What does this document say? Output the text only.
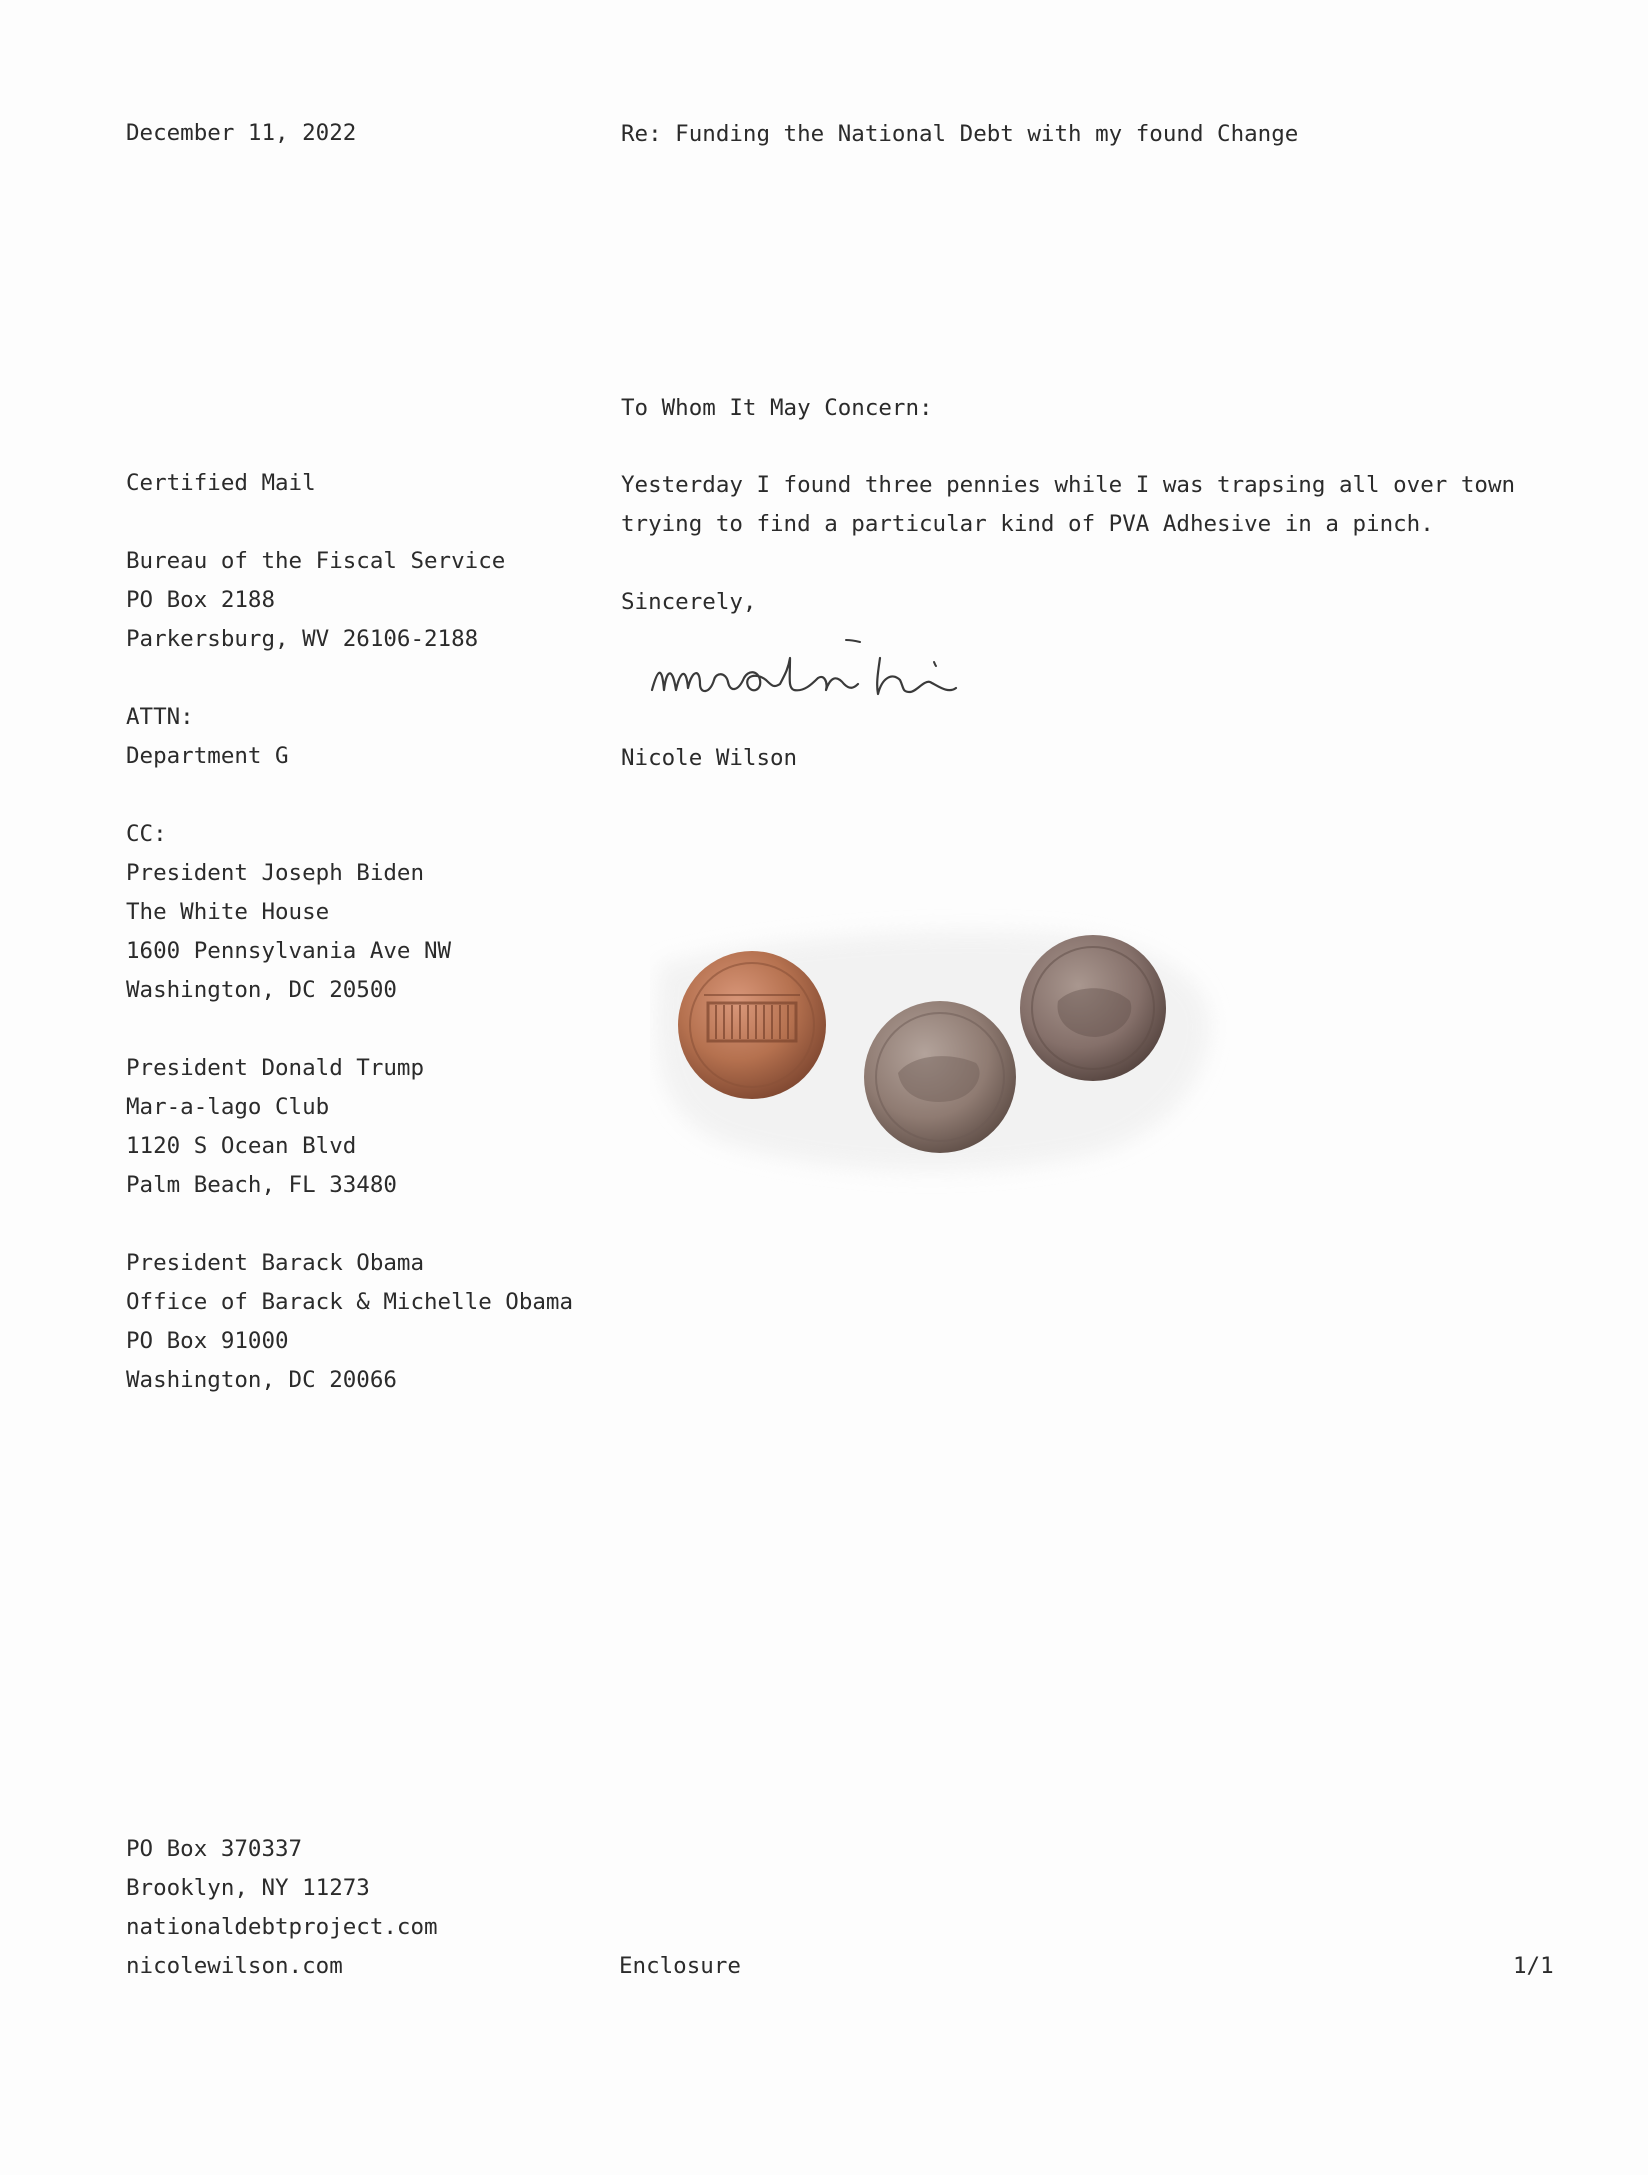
December 11, 2022	Re: Funding the National Debt with my found Change
To Whom It May Concern:
Yesterday I found three pennies while I was trapsing all over town
trying to find a particular kind of PVA Adhesive in a pinch.
Sincerely,
Nicole Wilson
Certified Mail
Bureau of the Fiscal Service
PO Box 2188
Parkersburg, WV 26106-2188
ATTN:
Department G
CC:
President Joseph Biden
The White House
1600 Pennsylvania Ave NW
Washington, DC 20500
President Donald Trump
Mar-a-lago Club
1120 S Ocean Blvd
Palm Beach, FL 33480
President Barack Obama
Office of Barack & Michelle Obama
PO Box 91000
Washington, DC 20066
PO Box 370337
Brooklyn, NY 11273
nationaldebtproject.com
nicolewilson.com	Enclosure	1/1
